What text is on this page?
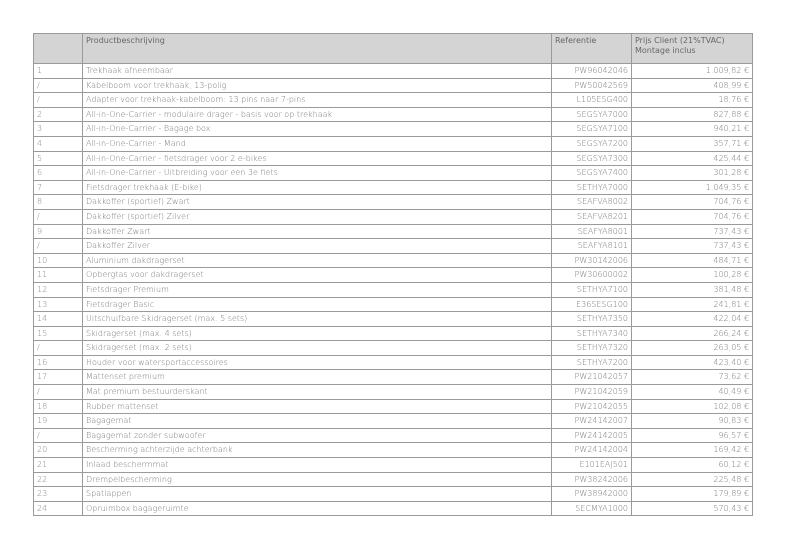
	Productbeschrijving	Referentie	Prijs Client (21%TVAC)
Montage inclus

1	Trekhaak afneembaar	PW96042046	1.009,82 €
/	Kabelboom voor trekhaak, 13-polig	PW50042569	408,99 €
/	Adapter voor trekhaak-kabelboom: 13 pins naar 7-pins	L105ESG400	18,76 €
2	All-in-One-Carrier - modulaire drager - basis voor op trekhaak	SEGSYA7000	827,88 €
3	All-in-One-Carrier - Bagage box	SEGSYA7100	940,21 €
4	All-in-One-Carrier - Mand	SEGSYA7200	357,71 €
5	All-in-One-Carrier - fietsdrager voor 2 e-bikes	SEGSYA7300	425,44 €
6	All-in-One-Carrier - Uitbreiding voor een 3e fiets	SEGSYA7400	301,28 €
7	Fietsdrager trekhaak (E-bike)	SETHYA7000	1.049,35 €
8	Dakkoffer (sportief) Zwart	SEAFVA8002	704,76 €
/	Dakkoffer (sportief) Zilver	SEAFVA8201	704,76 €
9	Dakkoffer Zwart	SEAFYA8001	737,43 €
/	Dakkoffer Zilver	SEAFYA8101	737,43 €
10	Aluminium dakdragerset	PW30142006	484,71 €
11	Opbergtas voor dakdragerset	PW30600002	100,28 €
12	Fietsdrager Premium	SETHYA7100	381,48 €
13	Fietsdrager Basic	E36SESG100	241,81 €
14	Uitschuifbare Skidragerset (max. 5 sets)	SETHYA7350	422,04 €
15	Skidragerset (max. 4 sets)	SETHYA7340	266,24 €
/	Skidragerset (max. 2 sets)	SETHYA7320	263,05 €
16	Houder voor watersportaccessoires	SETHYA7200	423,40 €
17	Mattenset premium	PW21042057	73,62 €
/	Mat premium bestuurderskant	PW21042059	40,49 €
18	Rubber mattenset	PW21042055	102,08 €
19	Bagagemat	PW24142007	90,83 €
/	Bagagemat zonder subwoofer	PW24142005	96,57 €
20	Bescherming achterzijde achterbank	PW24142004	169,42 €
21	Inlaad beschermmat	E101EAJ501	60,12 €
22	Drempelbescherming	PW38242006	225,48 €
23	Spatlappen	PW38942000	179,89 €
24	Opruimbox bagageruimte	SECMYA1000	570,43 €
